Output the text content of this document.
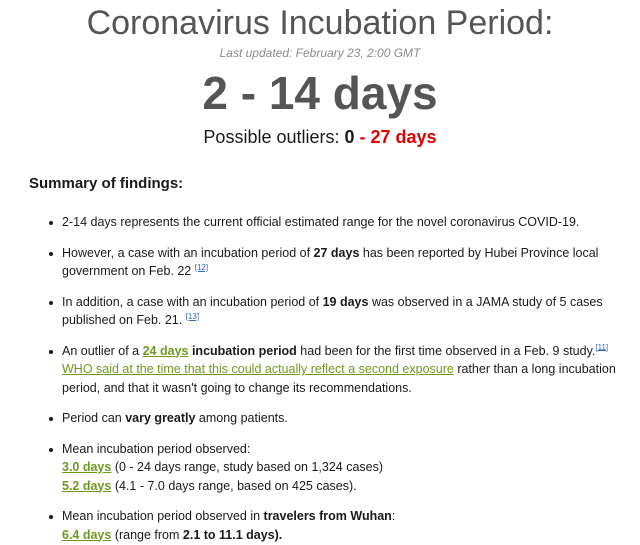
Coronavirus Incubation Period:
Last updated: February 23, 2:00 GMT
2 - 14 days
Possible outliers: 0 - 27 days
Summary of findings:
2-14 days represents the current official estimated range for the novel coronavirus COVID-19.
However, a case with an incubation period of 27 days has been reported by Hubei Province local government on Feb. 22 [12]
In addition, a case with an incubation period of 19 days was observed in a JAMA study of 5 cases published on Feb. 21. [13]
An outlier of a 24 days incubation period had been for the first time observed in a Feb. 9 study.[11] WHO said at the time that this could actually reflect a second exposure rather than a long incubation period, and that it wasn't going to change its recommendations.
Period can vary greatly among patients.
Mean incubation period observed:
3.0 days (0 - 24 days range, study based on 1,324 cases)
5.2 days (4.1 - 7.0 days range, based on 425 cases).
Mean incubation period observed in travelers from Wuhan:
6.4 days (range from 2.1 to 11.1 days).
